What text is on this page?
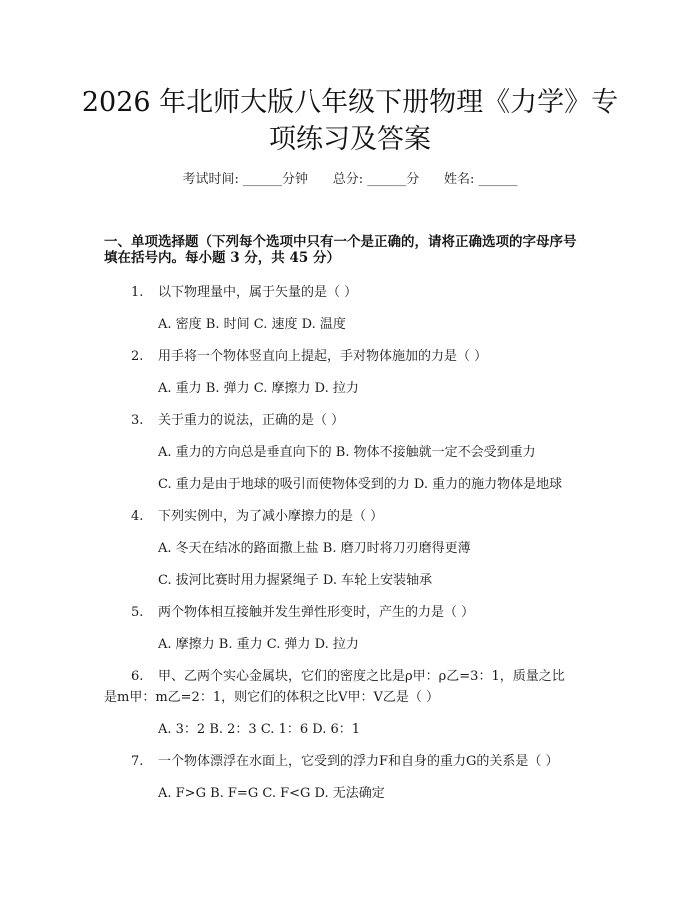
2026 年北师大版八年级下册物理《力学》专
项练习及答案
考试时间: ______分钟      总分: ______分      姓名: ______
一、单项选择题（下列每个选项中只有一个是正确的，请将正确选项的字母序号
填在括号内。每小题 3 分，共 45 分）
1. 以下物理量中，属于矢量的是（ ）
A. 密度 B. 时间 C. 速度 D. 温度
2. 用手将一个物体竖直向上提起，手对物体施加的力是（ ）
A. 重力 B. 弹力 C. 摩擦力 D. 拉力
3. 关于重力的说法，正确的是（ ）
A. 重力的方向总是垂直向下的 B. 物体不接触就一定不会受到重力
C. 重力是由于地球的吸引而使物体受到的力 D. 重力的施力物体是地球
4. 下列实例中，为了减小摩擦力的是（ ）
A. 冬天在结冰的路面撒上盐 B. 磨刀时将刀刃磨得更薄
C. 拔河比赛时用力握紧绳子 D. 车轮上安装轴承
5. 两个物体相互接触并发生弹性形变时，产生的力是（ ）
A. 摩擦力 B. 重力 C. 弹力 D. 拉力
6. 甲、乙两个实心金属块，它们的密度之比是ρ甲：ρ乙=3：1，质量之比
是m甲：m乙=2：1，则它们的体积之比V甲：V乙是（ ）
A. 3：2 B. 2：3 C. 1：6 D. 6：1
7. 一个物体漂浮在水面上，它受到的浮力F和自身的重力G的关系是（ ）
A. F>G B. F=G C. F<G D. 无法确定
